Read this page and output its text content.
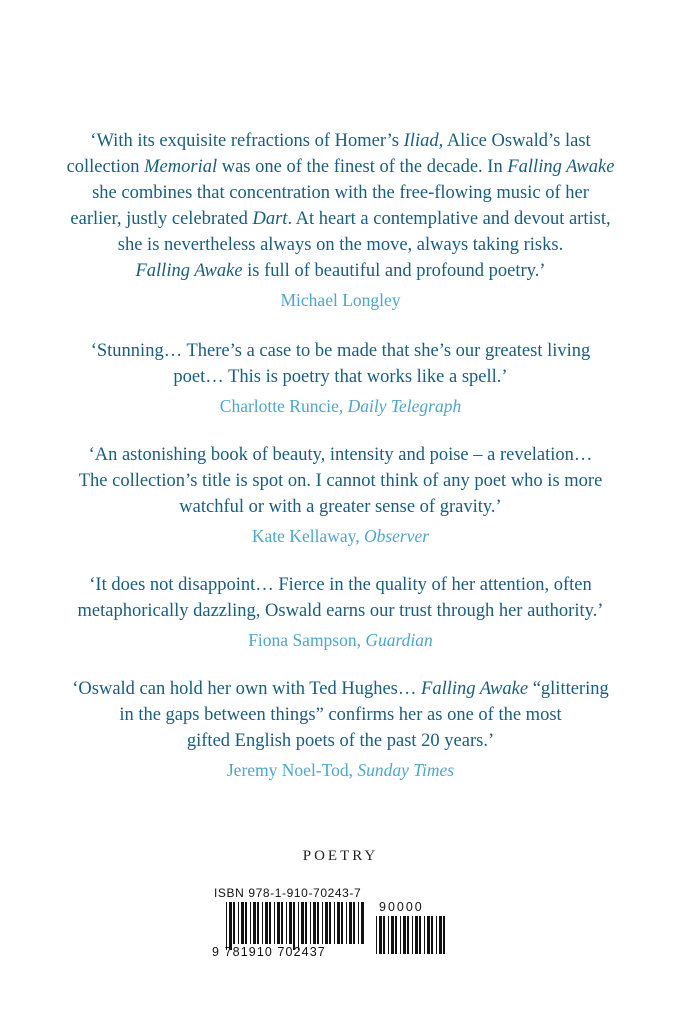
‘With its exquisite refractions of Homer’s Iliad, Alice Oswald’s last
collection Memorial was one of the finest of the decade. In Falling Awake
she combines that concentration with the free-flowing music of her
earlier, justly celebrated Dart. At heart a contemplative and devout artist,
she is nevertheless always on the move, always taking risks.
Falling Awake is full of beautiful and profound poetry.’

Michael Longley

‘Stunning… There’s a case to be made that she’s our greatest living
poet… This is poetry that works like a spell.’

Charlotte Runcie, Daily Telegraph

‘An astonishing book of beauty, intensity and poise – a revelation…
The collection’s title is spot on. I cannot think of any poet who is more
watchful or with a greater sense of gravity.’

Kate Kellaway, Observer

‘It does not disappoint… Fierce in the quality of her attention, often
metaphorically dazzling, Oswald earns our trust through her authority.’

Fiona Sampson, Guardian

‘Oswald can hold her own with Ted Hughes… Falling Awake “glittering
in the gaps between things” confirms her as one of the most
gifted English poets of the past 20 years.’

Jeremy Noel-Tod, Sunday Times

POETRY
ISBN 978-1-910-70243-7
9 781910 702437
90000
